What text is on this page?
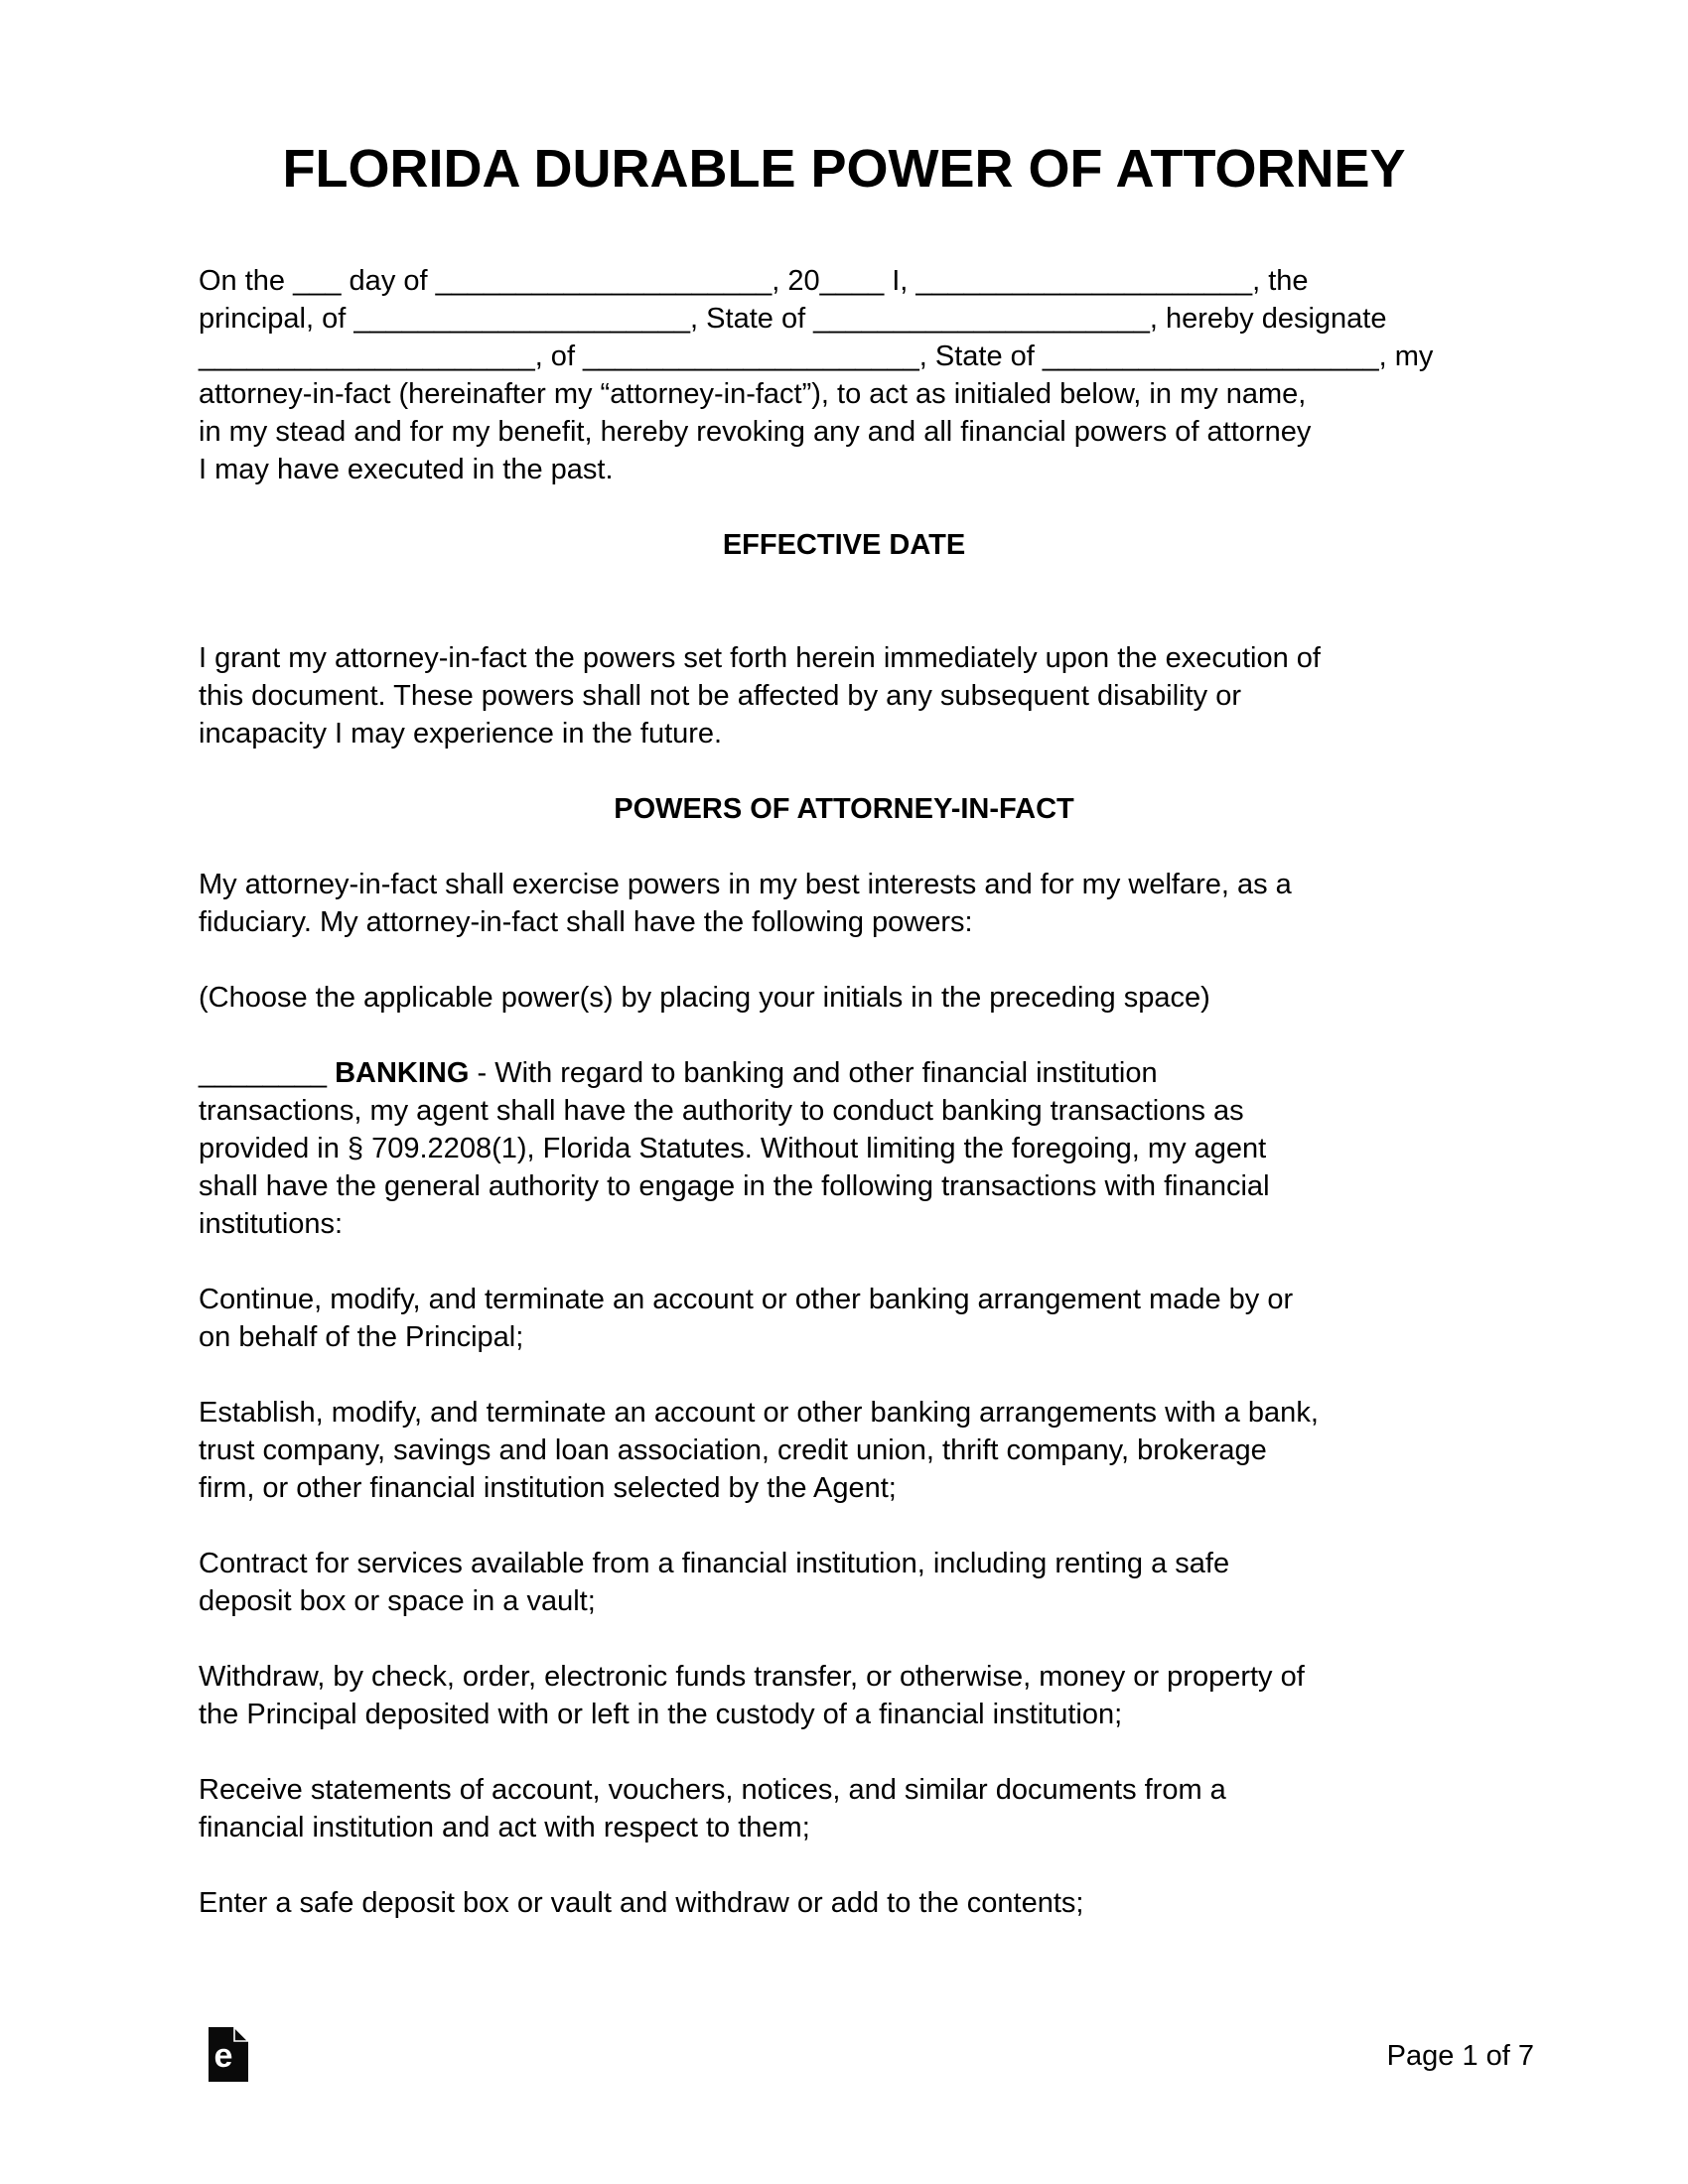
FLORIDA DURABLE POWER OF ATTORNEY
On the ___ day of _____________________, 20____ I, _____________________, the
principal, of _____________________, State of _____________________, hereby designate
_____________________, of _____________________, State of _____________________, my
attorney-in-fact (hereinafter my “attorney-in-fact”), to act as initialed below, in my name,
in my stead and for my benefit, hereby revoking any and all financial powers of attorney
I may have executed in the past.
EFFECTIVE DATE
I grant my attorney-in-fact the powers set forth herein immediately upon the execution of
this document. These powers shall not be affected by any subsequent disability or
incapacity I may experience in the future.
POWERS OF ATTORNEY-IN-FACT
My attorney-in-fact shall exercise powers in my best interests and for my welfare, as a
fiduciary. My attorney-in-fact shall have the following powers:
(Choose the applicable power(s) by placing your initials in the preceding space)
________ BANKING - With regard to banking and other financial institution
transactions, my agent shall have the authority to conduct banking transactions as
provided in § 709.2208(1), Florida Statutes. Without limiting the foregoing, my agent
shall have the general authority to engage in the following transactions with financial
institutions:
Continue, modify, and terminate an account or other banking arrangement made by or
on behalf of the Principal;
Establish, modify, and terminate an account or other banking arrangements with a bank,
trust company, savings and loan association, credit union, thrift company, brokerage
firm, or other financial institution selected by the Agent;
Contract for services available from a financial institution, including renting a safe
deposit box or space in a vault;
Withdraw, by check, order, electronic funds transfer, or otherwise, money or property of
the Principal deposited with or left in the custody of a financial institution;
Receive statements of account, vouchers, notices, and similar documents from a
financial institution and act with respect to them;
Enter a safe deposit box or vault and withdraw or add to the contents;
e	Page 1 of 7
